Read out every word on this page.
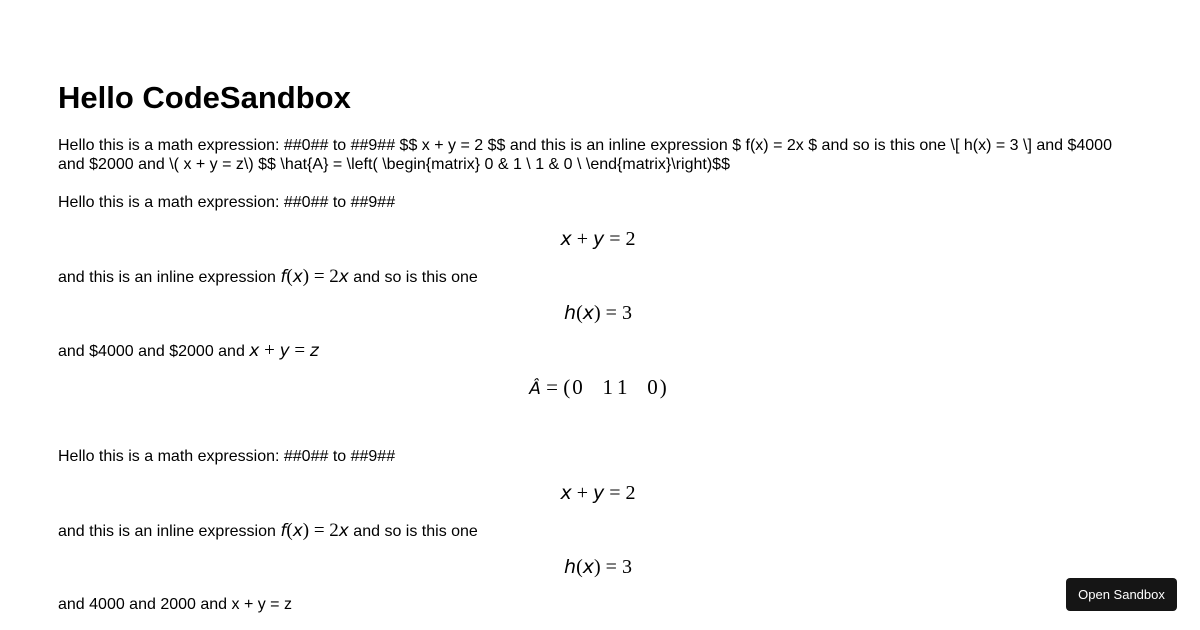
Hello CodeSandbox

Hello this is a math expression: ##0## to ##9## $$ x + y = 2 $$ and this is an inline expression $ f(x) = 2x $ and so is this one \[ h(x) = 3 \] and $4000 and $2000 and \( x + y = z\) $$ \hat{A} = \left( \begin{matrix} 0 & 1 \ 1 & 0 \ \end{matrix}\right)$$

Hello this is a math expression: ##0## to ##9##
x + y = 2
and this is an inline expression f(x) = 2x and so is this one
h(x) = 3
and $4000 and $2000 and x + y = z
Â = (0 1 1 0)
Hello this is a math expression: ##0## to ##9##
x + y = 2
and this is an inline expression f(x) = 2x and so is this one
h(x) = 3
and 4000 and 2000 and x + y = z
Open Sandbox
